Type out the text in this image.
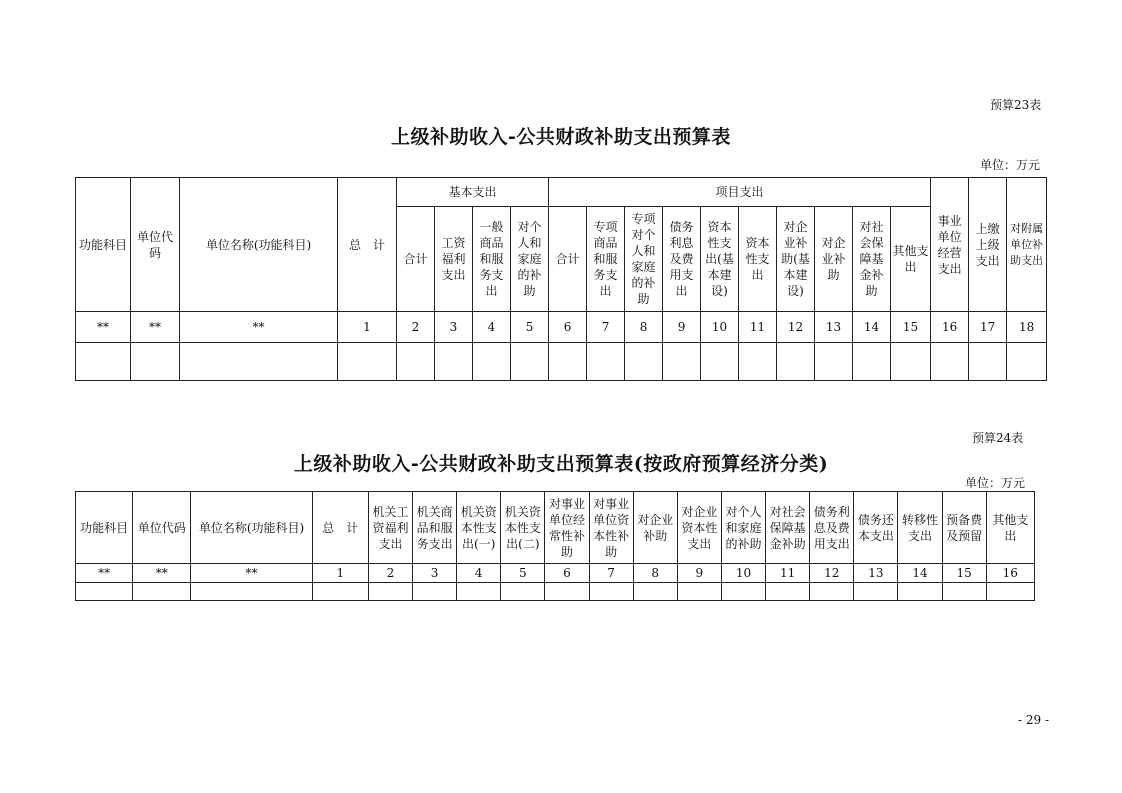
预算23表
上级补助收入-公共财政补助支出预算表
单位：万元
功能科目	单位代码	单位名称(功能科目)	总　计	基本支出				项目支出										事业单位经营支出	上缴上级支出	对附属单位补助支出
				合计	工资福利支出	一般商品和服务支出	对个人和家庭的补助	合计	专项商品和服务支出	专项对个人和家庭的补助	债务利息及费用支出	资本性支出(基本建设)	资本性支出	对企业补助(基本建设)	对企业补助	对社会保障基金补助	其他支出			
**	**	**	1	2	3	4	5	6	7	8	9	10	11	12	13	14	15	16	17	18

预算24表
上级补助收入-公共财政补助支出预算表(按政府预算经济分类)
单位：万元
功能科目	单位代码	单位名称(功能科目)	总　计	机关工资福利支出	机关商品和服务支出	机关资本性支出(一)	机关资本性支出(二)	对事业单位经常性补助	对事业单位资本性补助	对企业补助	对企业资本性支出	对个人和家庭的补助	对社会保障基金补助	债务利息及费用支出	债务还本支出	转移性支出	预备费及预留	其他支出
**	**	**	1	2	3	4	5	6	7	8	9	10	11	12	13	14	15	16

- 29 -
